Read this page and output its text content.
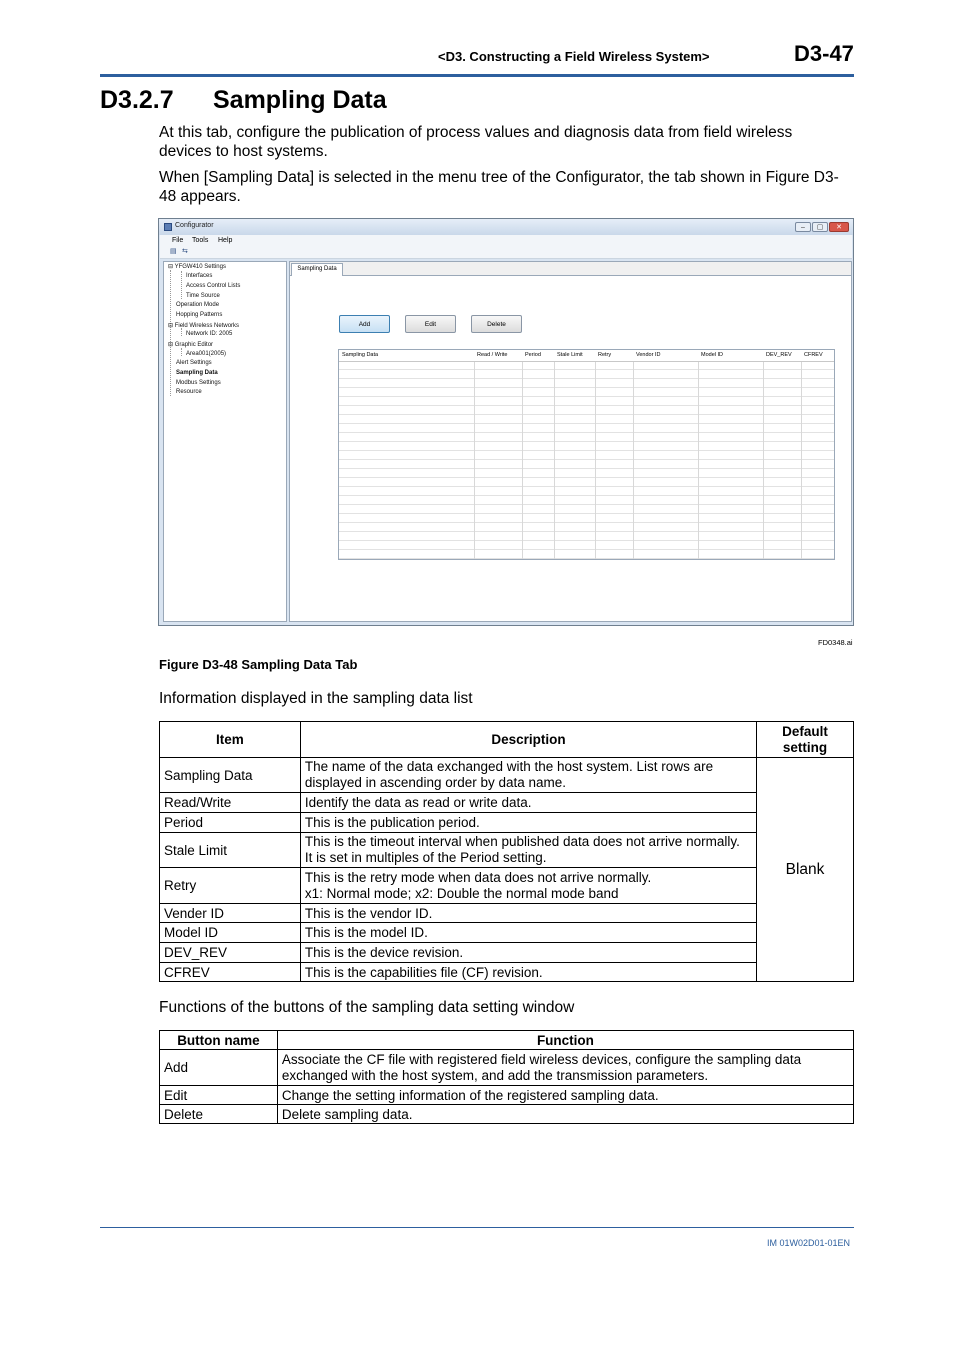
<D3. Constructing a Field Wireless System>	D3-47
D3.2.7 Sampling Data
At this tab, configure the publication of process values and diagnosis data from field wireless devices to host systems.
When [Sampling Data] is selected in the menu tree of the Configurator, the tab shown in Figure D3-48 appears.
Configurator	–	▢	✕
File Tools Help
▤ ⇆
⊟ YFGW410 Settings
Interfaces
Access Control Lists
Time Source
Operation Mode
Hopping Patterns
⊟ Field Wireless Networks
Network ID: 2005
⊟ Graphic Editor
Area001(2005)
Alert Settings
Sampling Data
Modbus Settings
Resource
Sampling Data
Add	Edit	Delete
Sampling Data	Read / Write	Period	Stale Limit	Retry	Vendor ID	Model ID	DEV_REV CFREV
FD0348.ai
Figure D3-48 Sampling Data Tab
Information displayed in the sampling data list
Item	Description	Default setting
Sampling Data	The name of the data exchanged with the host system. List rows are
displayed in ascending order by data name.	Blank
Read/Write	Identify the data as read or write data.	
Period	This is the publication period.	
Stale Limit	This is the timeout interval when published data does not arrive normally.
It is set in multiples of the Period setting.	

Retry	This is the retry mode when data does not arrive normally.
x1: Normal mode; x2: Double the normal mode band	

Vender ID	This is the vendor ID.	
Model ID	This is the model ID.	
DEV_REV	This is the device revision.	
CFREV	This is the capabilities file (CF) revision.	
Functions of the buttons of the sampling data setting window
Button name	Function
Add	Associate the CF file with registered field wireless devices, configure the sampling data
exchanged with the host system, and add the transmission parameters.

Edit	Change the setting information of the registered sampling data.
Delete	Delete sampling data.
IM 01W02D01-01EN
